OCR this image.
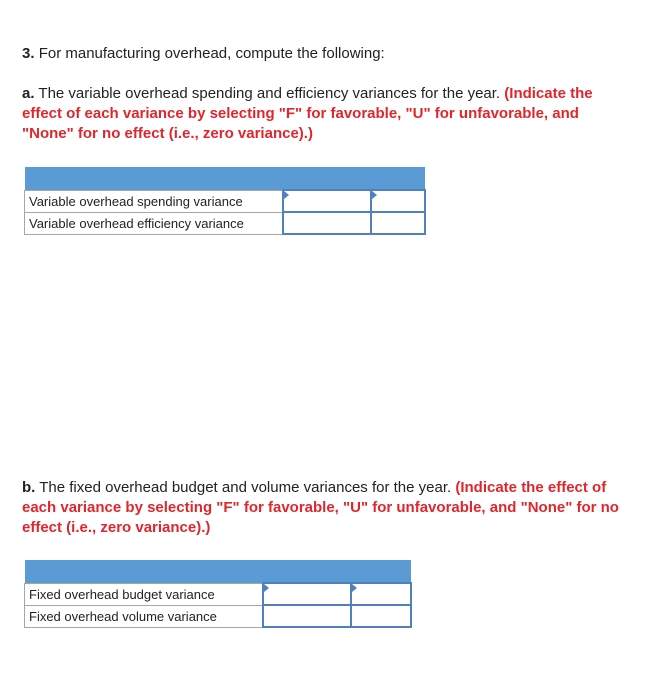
3. For manufacturing overhead, compute the following:

a. The variable overhead spending and efficiency variances for the year. (Indicate the effect of each variance by selecting "F" for favorable, "U" for unfavorable, and "None" for no effect (i.e., zero variance).)

Variable overhead spending variance	

Variable overhead efficiency variance		

b. The fixed overhead budget and volume variances for the year. (Indicate the effect of each variance by selecting "F" for favorable, "U" for unfavorable, and "None" for no effect (i.e., zero variance).)

Fixed overhead budget variance	

Fixed overhead volume variance		
